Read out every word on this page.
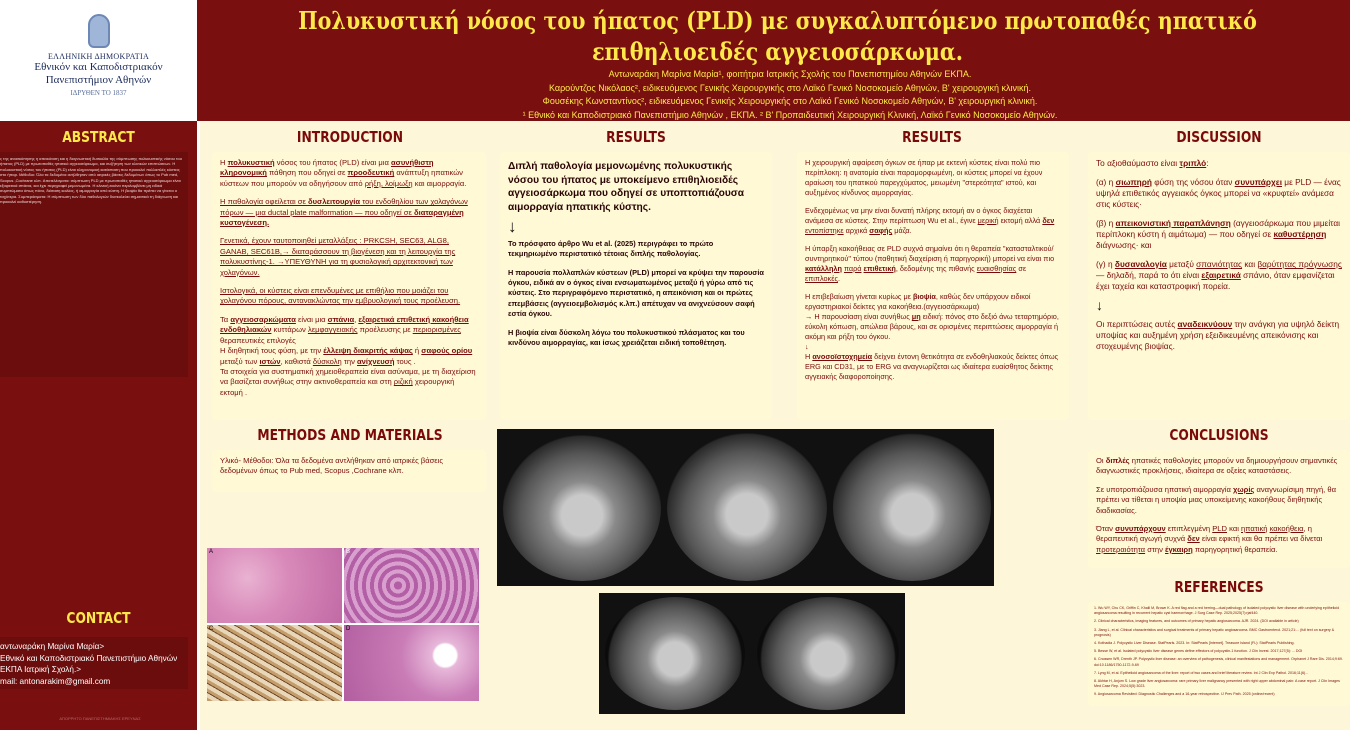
ΕΛΛΗΝΙΚΗ ΔΗΜΟΚΡΑΤΙΑ
Εθνικόν και Καποδιστριακόν
Πανεπιστήμιον Αθηνών
ΙΔΡΥΘΕΝ ΤΟ 1837
Πολυκυστική νόσος του ήπατος (PLD) με συγκαλυπτόμενο πρωτοπαθές ηπατικό
επιθηλιοειδές αγγειοσάρκωμα.
Αντωναράκη Μαρίνα Μαρία¹, φοιτήτρια Ιατρικής Σχολής του Πανεπιστημίου Αθηνών ΕΚΠΑ.
Καρούντζος Νικόλαος², ειδικευόμενος Γενικής Χειρουργικής στο Λαϊκό Γενικό Νοσοκομείο Αθηνών, Β' χειρουργική κλινική.
Φουσέκης Κωνσταντίνος², ειδικευόμενος Γενικής Χειρουργικής στο Λαϊκό Γενικό Νοσοκομείο Αθηνών, Β' χειρουργική κλινική.
¹ Εθνικό και Καποδιστριακό Πανεπιστήμιο Αθηνών , ΕΚΠΑ. ² Β' Προπαιδευτική Χειρουργική Κλινική, Λαϊκό Γενικό Νοσοκομείο Αθηνών.
ABSTRACT
ς της ανασκόπησης η απεικόνιση και η διαγνωστική δυσκολία της σύμπτωσης πολυκυστικής νόσου του ήπατος (PLD) με πρωτοπαθές ηπατικό αγγειοσάρκωμα, και συζήτηση των κλινικών επιπτώσεων. Η πολυκυστική νόσος του ήπατος (PLD) είναι κληρονομική κατάσταση που προκαλεί πολλαπλές κύστεις στο ήπαρ. Μέθοδοι: Όλα τα δεδομένα ανήλθησαν από ιατρικές βάσεις δεδομένων όπως το Pub med, Scopus ,Cochrane κλπ. Αποτελέσματα: σύμπτωση PLD με πρωτοπαθές ηπατικό αγγειοσάρκωμα είναι εξαιρετικά σπάνια, και έχει περιγραφεί μεμονωμένα. Η κλινική εικόνα περιλαμβάνει μη ειδικά συμπτώματα όπως πόνο, διάταση κοιλίας, ή αιμορραγία από κύστη. Η βιοψία θα πρέπει να γίνεται ο ταχύτερα. Συμπεράσματα: Η σύμπτωση των δύο παθολογιών δυσκολεύει σημαντικά τη διάγνωση και προκαλεί καθυστέρηση.
CONTACT
αντωναράκη Μαρίνα Μαρία>
Εθνικό και Καποδιστριακό Πανεπιστήμιο Αθηνών
ΕΚΠΑ Ιατρική Σχολή.>
mail: antonarakim@gmail.com
ΑΠΟΡΡΗΤΟ ΠΑΝΕΠΙΣΤΗΜΙΑΚΗΣ ΕΡΕΥΝΑΣ
INTRODUCTION

Η πολυκυστική νόσος του ήπατος (PLD) είναι μια ασυνήθιστη κληρονομική πάθηση που οδηγεί σε προοδευτική ανάπτυξη ηπατικών κύστεων που μπορούν να οδηγήσουν από ρήξη, λοίμωξη και αιμορραγία.

Η παθολογία οφείλεται σε δυσλειτουργία του ενδοθηλίου των χολαγόνων πόρων — μια ductal plate malformation — που οδηγεί σε διαταραγμένη κυστογένεση.

Γενετικά, έχουν ταυτοποιηθεί μεταλλάξεις : PRKCSH, SEC63, ALG8, GANAB, SEC61B,→ διαταράσσουν τη βιογένεση και τη λειτουργία της πολυκυστίνης-1. →ΥΠΕΥΘΥΝΗ για τη φυσιολογική αρχιτεκτονική των χολαγόνων.

Ιστολογικά, οι κύστεις είναι επενδυμένες με επιθήλιο που μοιάζει του χολαγόνου πόρους, αντανακλώντας την εμβρυολογική τους προέλευση.

Τα αγγειοσαρκώματα είναι μια σπάνια, εξαιρετικά επιθετική κακοήθεια ενδοθηλιακών κυττάρων λεμφαγγειακής προέλευσης με περιορισμένες θεραπευτικές επιλογές
Η διηθητική τους φύση, με την έλλειψη διακριτής κάψας ή σαφούς ορίου μεταξύ των ιστών, καθιστά δύσκολη την ανίχνευσή τους .
Τα στοιχεία για συστηματική χημειοθεραπεία είναι ασύναμα, με τη διαχείριση να βασίζεται συνήθως στην ακτινοθεραπεία και στη ριζική χειρουργική εκτομή .

METHODS AND MATERIALS
Υλικό- Μέθοδοι: Όλα τα δεδομένα αντλήθηκαν από ιατρικές βάσεις δεδομένων όπως το Pub med, Scopus ,Cochrane κλπ.
A	B
C	D
RESULTS
Διπλή παθολογία μεμονωμένης πολυκυστικής νόσου του ήπατος με υποκείμενο επιθηλιοειδές αγγειοσάρκωμα που οδηγεί σε υποπτοπιάζουσα αιμορραγία ηπατικής κύστης.
↓

Το πρόσφατο άρθρο Wu et al. (2025) περιγράφει το πρώτο τεκμηριωμένο περιστατικό τέτοιας διπλής παθολογίας.

Η παρουσία πολλαπλών κύστεων (PLD) μπορεί να κρύψει την παρουσία όγκου, ειδικά αν ο όγκος είναι ενσωματωμένος μεταξύ ή γύρω από τις κύστεις. Στο περιγραφόμενο περιστατικό, η απεικόνιση και οι πρώτες επεμβάσεις (αγγειοεμβολισμός κ.λπ.) απέτυχαν να ανιχνεύσουν σαφή εστία όγκου.

Η βιοψία είναι δύσκολη λόγω του πολυκυστικού πλάσματος και του κινδύνου αιμορραγίας, και ίσως χρειάζεται ειδική τοποθέτηση.

RESULTS

Η χειρουργική αφαίρεση όγκων σε ήπαρ με εκτενή κύστεις είναι πολύ πιο περίπλοκη: η ανατομία είναι παραμορφωμένη, οι κύστεις μπορεί να έχουν αραίωση του ηπατικού παρεγχύματος, μειωμένη "στερεότητα" ιστού, και αυξημένος κίνδυνος αιμορραγίας.

Ενδεχομένως να μην είναι δυνατή πλήρης εκτομή αν ο όγκος διαχέεται ανάμεσα σε κύστεις. Στην περίπτωση Wu et al., έγινε μερική εκτομή αλλά δεν εντοπίστηκε αρχικά σαφής μάζα.

Η ύπαρξη κακοήθειας σε PLD συχνά σημαίνει ότι η θεραπεία "κατασταλτικού/συντηρητικού" τύπου (παθητική διαχείριση ή παρηγορική) μπορεί να είναι πιο κατάλληλη παρά επιθετική, δεδομένης της πιθανής ευαισθησίας σε επιπλοκές.

Η επιβεβαίωση γίνεται κυρίως με βιοψία, καθώς δεν υπάρχουν ειδικοί εργαστηριακοί δείκτες για κακοήθεια.(αγγειοσάρκωμα)
→ Η παρουσίαση είναι συνήθως μη ειδική: πόνος στο δεξιό άνω τεταρτημόριο, εύκολη κόπωση, απώλεια βάρους, και σε ορισμένες περιπτώσεις αιμορραγία ή ακόμη και ρήξη του όγκου.
↓
Η ανοσοϊστοχημεία δείχνει έντονη θετικότητα σε ενδοθηλιακούς δείκτες όπως ERG και CD31, με το ERG να αναγνωρίζεται ως ιδιαίτερα ευαίσθητος δείκτης αγγειακής διαφοροποίησης.

DISCUSSION

Το αξιοθαύμαστο είναι τριπλό:

(α) η σιωπηρή φύση της νόσου όταν συνυπάρχει με PLD — ένας υψηλά επιθετικός αγγειακός όγκος μπορεί να «κρυφτεί» ανάμεσα στις κύστεις·

(β) η απεικονιστική παραπλάνηση (αγγειοσάρκωμα που μιμείται περίπλοκη κύστη ή αιμάτωμα) — που οδηγεί σε καθυστέρηση διάγνωσης· και

(γ) η δυσαναλογία μεταξύ σπανιότητας και βαρύτητας πρόγνωσης — δηλαδή, παρά το ότι είναι εξαιρετικά σπάνιο, όταν εμφανίζεται έχει ταχεία και καταστροφική πορεία.

↓

Οι περιπτώσεις αυτές αναδεικνύουν την ανάγκη για υψηλό δείκτη υποψίας και αυξημένη χρήση εξειδικευμένης απεικόνισης και στοχευμένης βιοψίας.

CONCLUSIONS

Οι διπλές ηπατικές παθολογίες μπορούν να δημιουργήσουν σημαντικές διαγνωστικές προκλήσεις, ιδιαίτερα σε οξείες καταστάσεις.

Σε υποτροπιάζουσα ηπατική αιμορραγία χωρίς αναγνωρίσιμη πηγή, θα πρέπει να τίθεται η υποψία μιας υποκείμενης κακοήθους διηθητικής διαδικασίας.

Όταν συνυπάρχουν επιπλεγμένη PLD και ηπατική κακοήθεια, η θεραπευτική αγωγή συχνά δεν είναι εφικτή και θα πρέπει να δίνεται προτεραιότητα στην έγκαιρη παρηγορητική θεραπεία.

REFERENCES
1. Wu WY, Chu CK, Griffin C, Khalil M, Brown K. A red flag and a red herring—dual pathology of isolated polycystic liver disease with underlying epithelioid angiosarcoma resulting in recurrent hepatic cyst haemorrhage. J Surg Case Rep. 2025;2025(7):rjaf440.
2. Clinical characteristics, imaging features, and outcomes of primary hepatic angiosarcoma. AJR. 2024. (DOI available in article)
3. Jiang L, et al. Clinical characteristics and surgical treatments of primary hepatic angiosarcoma. BMC Gastroenterol. 2021;21:... (full text on surgery & prognosis)
4. Kothadia J. Polycystic Liver Disease. StatPearls. 2023. In: StatPearls [Internet]. Treasure Island (FL): StatPearls Publishing.
5. Besse W, et al. Isolated polycystic liver disease genes define effectors of polycystin-1 function. J Clin Invest. 2017;127(5): ... DOI
6. Cnossen WR, Drenth JP. Polycystic liver disease: an overview of pathogenesis, clinical manifestations and management. Orphanet J Rare Dis. 2014;9:69. doi:10.1186/1750-1172-9-69
7. Lyng M, et al. Epithelioid angiosarcoma of the liver: report of two cases and brief literature review. Int J Clin Exp Pathol. 2016;11(6)...
8. Akhtar H, Anjum S. Low grade liver angiosarcoma: rare primary liver malignancy presented with right upper abdominal pain: A case report. J Clin Images Med Case Rep. 2024;5(5):3023.
9. Angiosarcoma Revisited: Diagnostic Challenges and a 16-year retrospective. IJ Prev Path. 2025 (online/recent)
